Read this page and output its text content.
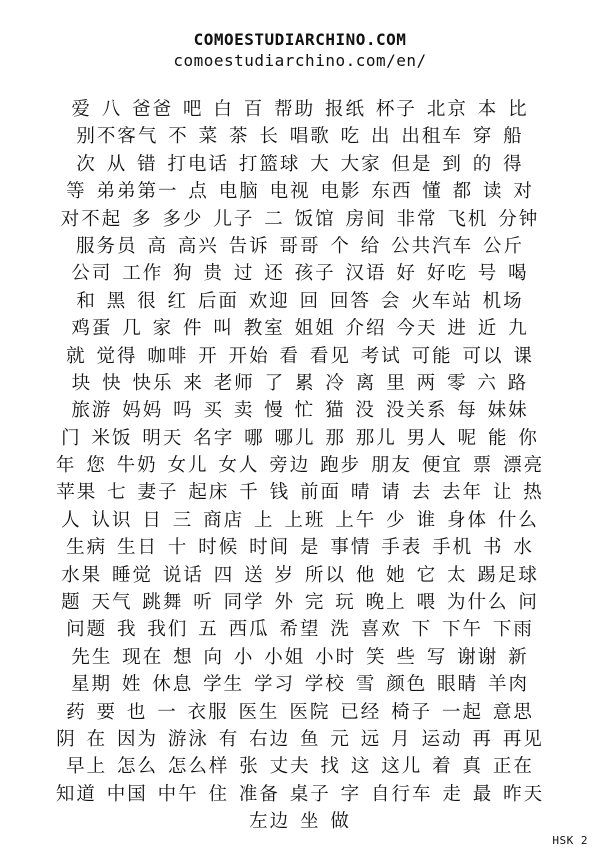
COMOESTUDIARCHINO.COM
comoestudiarchino.com/en/
爱 八 爸爸 吧 白 百 帮助 报纸 杯子 北京 本 比
别不客气 不 菜 茶 长 唱歌 吃 出 出租车 穿 船
次 从 错 打电话 打篮球 大 大家 但是 到 的 得
等 弟弟第一 点 电脑 电视 电影 东西 懂 都 读 对
对不起 多 多少 儿子 二 饭馆 房间 非常 飞机 分钟
服务员 高 高兴 告诉 哥哥 个 给 公共汽车 公斤
公司 工作 狗 贵 过 还 孩子 汉语 好 好吃 号 喝
和 黑 很 红 后面 欢迎 回 回答 会 火车站 机场
鸡蛋 几 家 件 叫 教室 姐姐 介绍 今天 进 近 九
就 觉得 咖啡 开 开始 看 看见 考试 可能 可以 课
块 快 快乐 来 老师 了 累 冷 离 里 两 零 六 路
旅游 妈妈 吗 买 卖 慢 忙 猫 没 没关系 每 妹妹
门 米饭 明天 名字 哪 哪儿 那 那儿 男人 呢 能 你
年 您 牛奶 女儿 女人 旁边 跑步 朋友 便宜 票 漂亮
苹果 七 妻子 起床 千 钱 前面 晴 请 去 去年 让 热
人 认识 日 三 商店 上 上班 上午 少 谁 身体 什么
生病 生日 十 时候 时间 是 事情 手表 手机 书 水
水果 睡觉 说话 四 送 岁 所以 他 她 它 太 踢足球
题 天气 跳舞 听 同学 外 完 玩 晚上 喂 为什么 问
问题 我 我们 五 西瓜 希望 洗 喜欢 下 下午 下雨
先生 现在 想 向 小 小姐 小时 笑 些 写 谢谢 新
星期 姓 休息 学生 学习 学校 雪 颜色 眼睛 羊肉
药 要 也 一 衣服 医生 医院 已经 椅子 一起 意思
阴 在 因为 游泳 有 右边 鱼 元 远 月 运动 再 再见
早上 怎么 怎么样 张 丈夫 找 这 这儿 着 真 正在
知道 中国 中午 住 准备 桌子 字 自行车 走 最 昨天
左边 坐 做
HSK 2
